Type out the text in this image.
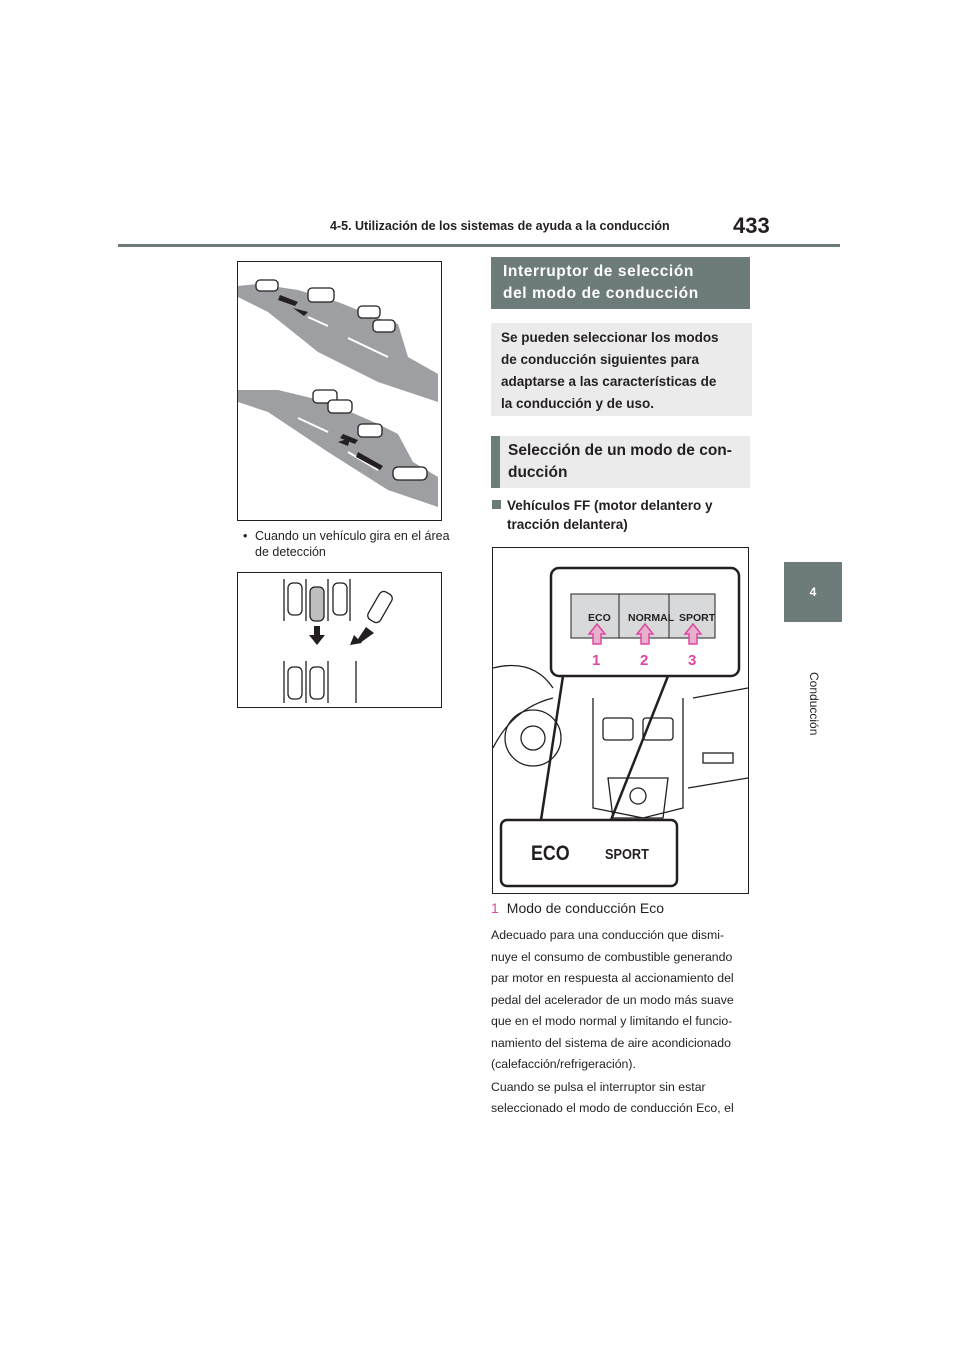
4-5. Utilización de los sistemas de ayuda a la conducción	433
4
Conducción
• Cuando un vehículo gira en el área de detección
Interruptor de selección
del modo de conducción
Se pueden seleccionar los modos
de conducción siguientes para
adaptarse a las características de
la conducción y de uso.
Selección de un modo de con-
ducción
Vehículos FF (motor delantero y
tracción delantera)
ECO NORMAL SPORT
1	2	3
ECO SPORT
1 Modo de conducción Eco

Adecuado para una conducción que dismi-

nuye el consumo de combustible generando

par motor en respuesta al accionamiento del

pedal del acelerador de un modo más suave

que en el modo normal y limitando el funcio-

namiento del sistema de aire acondicionado

(calefacción/refrigeración).

Cuando se pulsa el interruptor sin estar

seleccionado el modo de conducción Eco, el
